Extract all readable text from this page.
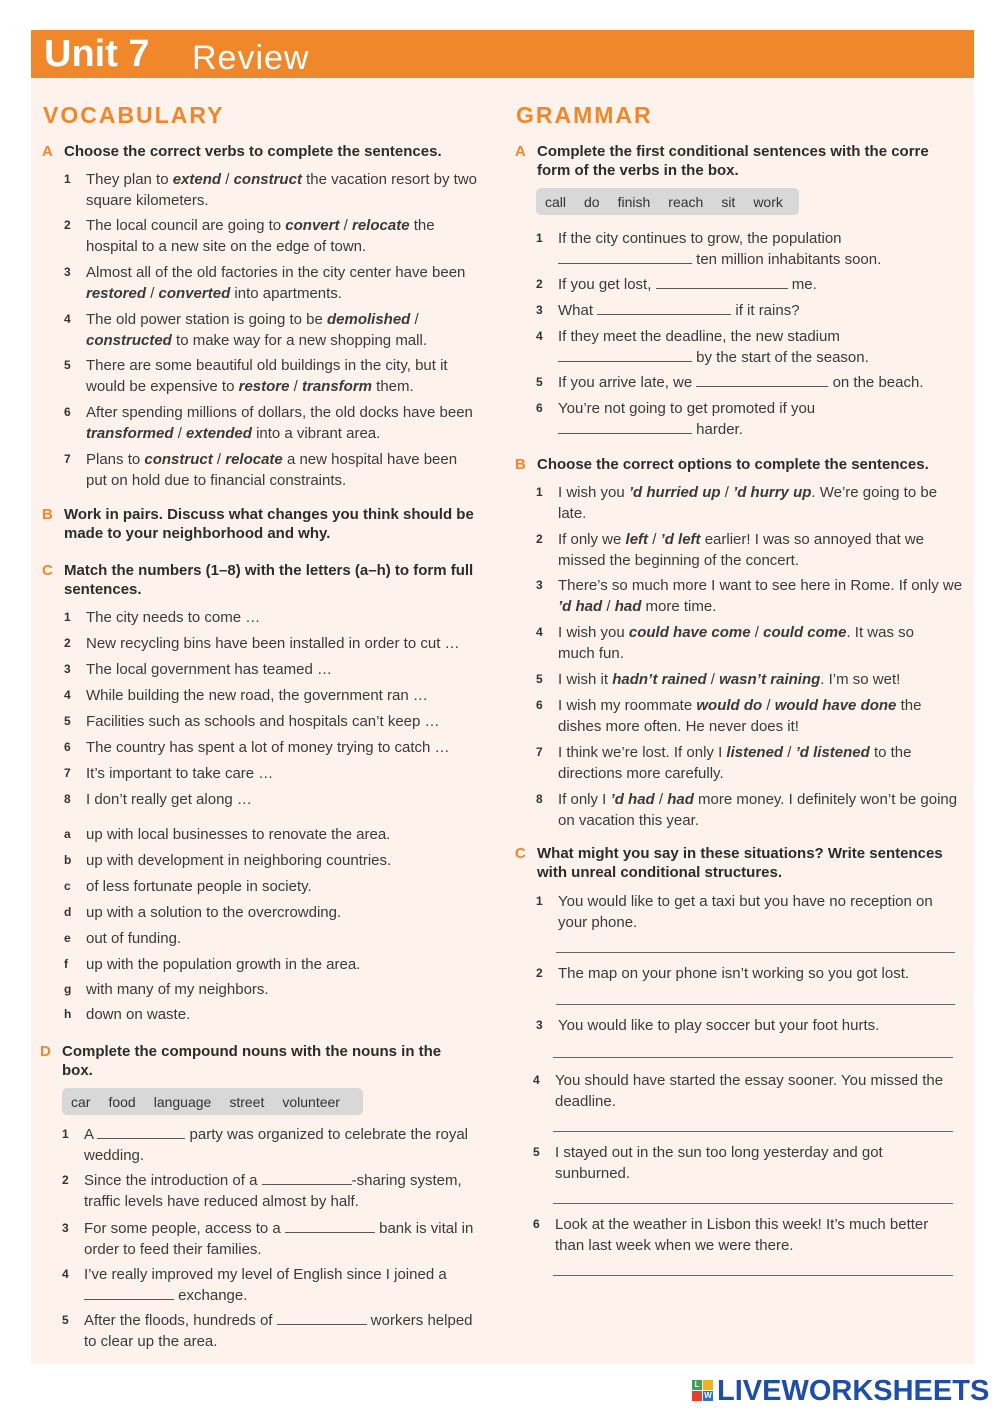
Unit 7 Review
VOCABULARY
A Choose the correct verbs to complete the sentences.
1 They plan to extend / construct the vacation resort by two square kilometers.
2 The local council are going to convert / relocate the hospital to a new site on the edge of town.
3 Almost all of the old factories in the city center have been restored / converted into apartments.
4 The old power station is going to be demolished / constructed to make way for a new shopping mall.
5 There are some beautiful old buildings in the city, but it would be expensive to restore / transform them.
6 After spending millions of dollars, the old docks have been transformed / extended into a vibrant area.
7 Plans to construct / relocate a new hospital have been put on hold due to financial constraints.
B Work in pairs. Discuss what changes you think should be made to your neighborhood and why.
C Match the numbers (1–8) with the letters (a–h) to form full sentences.
1 The city needs to come …
2 New recycling bins have been installed in order to cut …
3 The local government has teamed …
4 While building the new road, the government ran …
5 Facilities such as schools and hospitals can’t keep …
6 The country has spent a lot of money trying to catch …
7 It’s important to take care …
8 I don’t really get along …
a up with local businesses to renovate the area.
b up with development in neighboring countries.
c of less fortunate people in society.
d up with a solution to the overcrowding.
e out of funding.
f up with the population growth in the area.
g with many of my neighbors.
h down on waste.
D Complete the compound nouns with the nouns in the box.
car food language street volunteer
1 A	party was organized to celebrate the royal wedding.
2 Since the introduction of a	-sharing system, traffic levels have reduced almost by half.
3 For some people, access to a	bank is vital in order to feed their families.
4 I’ve really improved my level of English since I joined a  exchange.
5 After the floods, hundreds of	workers helped to clear up the area.
GRAMMAR
A Complete the first conditional sentences with the corre form of the verbs in the box.
call do finish reach sit work
1 If the city continues to grow, the population
ten million inhabitants soon.
2 If you get lost,	me.
3 What	if it rains?
4 If they meet the deadline, the new stadium
by the start of the season.
5 If you arrive late, we	on the beach.
6 You’re not going to get promoted if you
harder.
B Choose the correct options to complete the sentences.
1 I wish you ’d hurried up / ’d hurry up. We’re going to be late.
2 If only we left / ’d left earlier! I was so annoyed that we missed the beginning of the concert.
3 There’s so much more I want to see here in Rome. If only we ’d had / had more time.
4 I wish you could have come / could come. It was so much fun.
5 I wish it hadn’t rained / wasn’t raining. I’m so wet!
6 I wish my roommate would do / would have done the dishes more often. He never does it!
7 I think we’re lost. If only I listened / ’d listened to the directions more carefully.
8 If only I ’d had / had more money. I definitely won’t be going on vacation this year.
C What might you say in these situations? Write sentences with unreal conditional structures.
1 You would like to get a taxi but you have no reception on your phone.
2 The map on your phone isn’t working so you got lost.
3 You would like to play soccer but your foot hurts.
4 You should have started the essay sooner. You missed the deadline.
5 I stayed out in the sun too long yesterday and got sunburned.
6 Look at the weather in Lisbon this week! It’s much better than last week when we were there.
L
W LIVEWORKSHEETS
